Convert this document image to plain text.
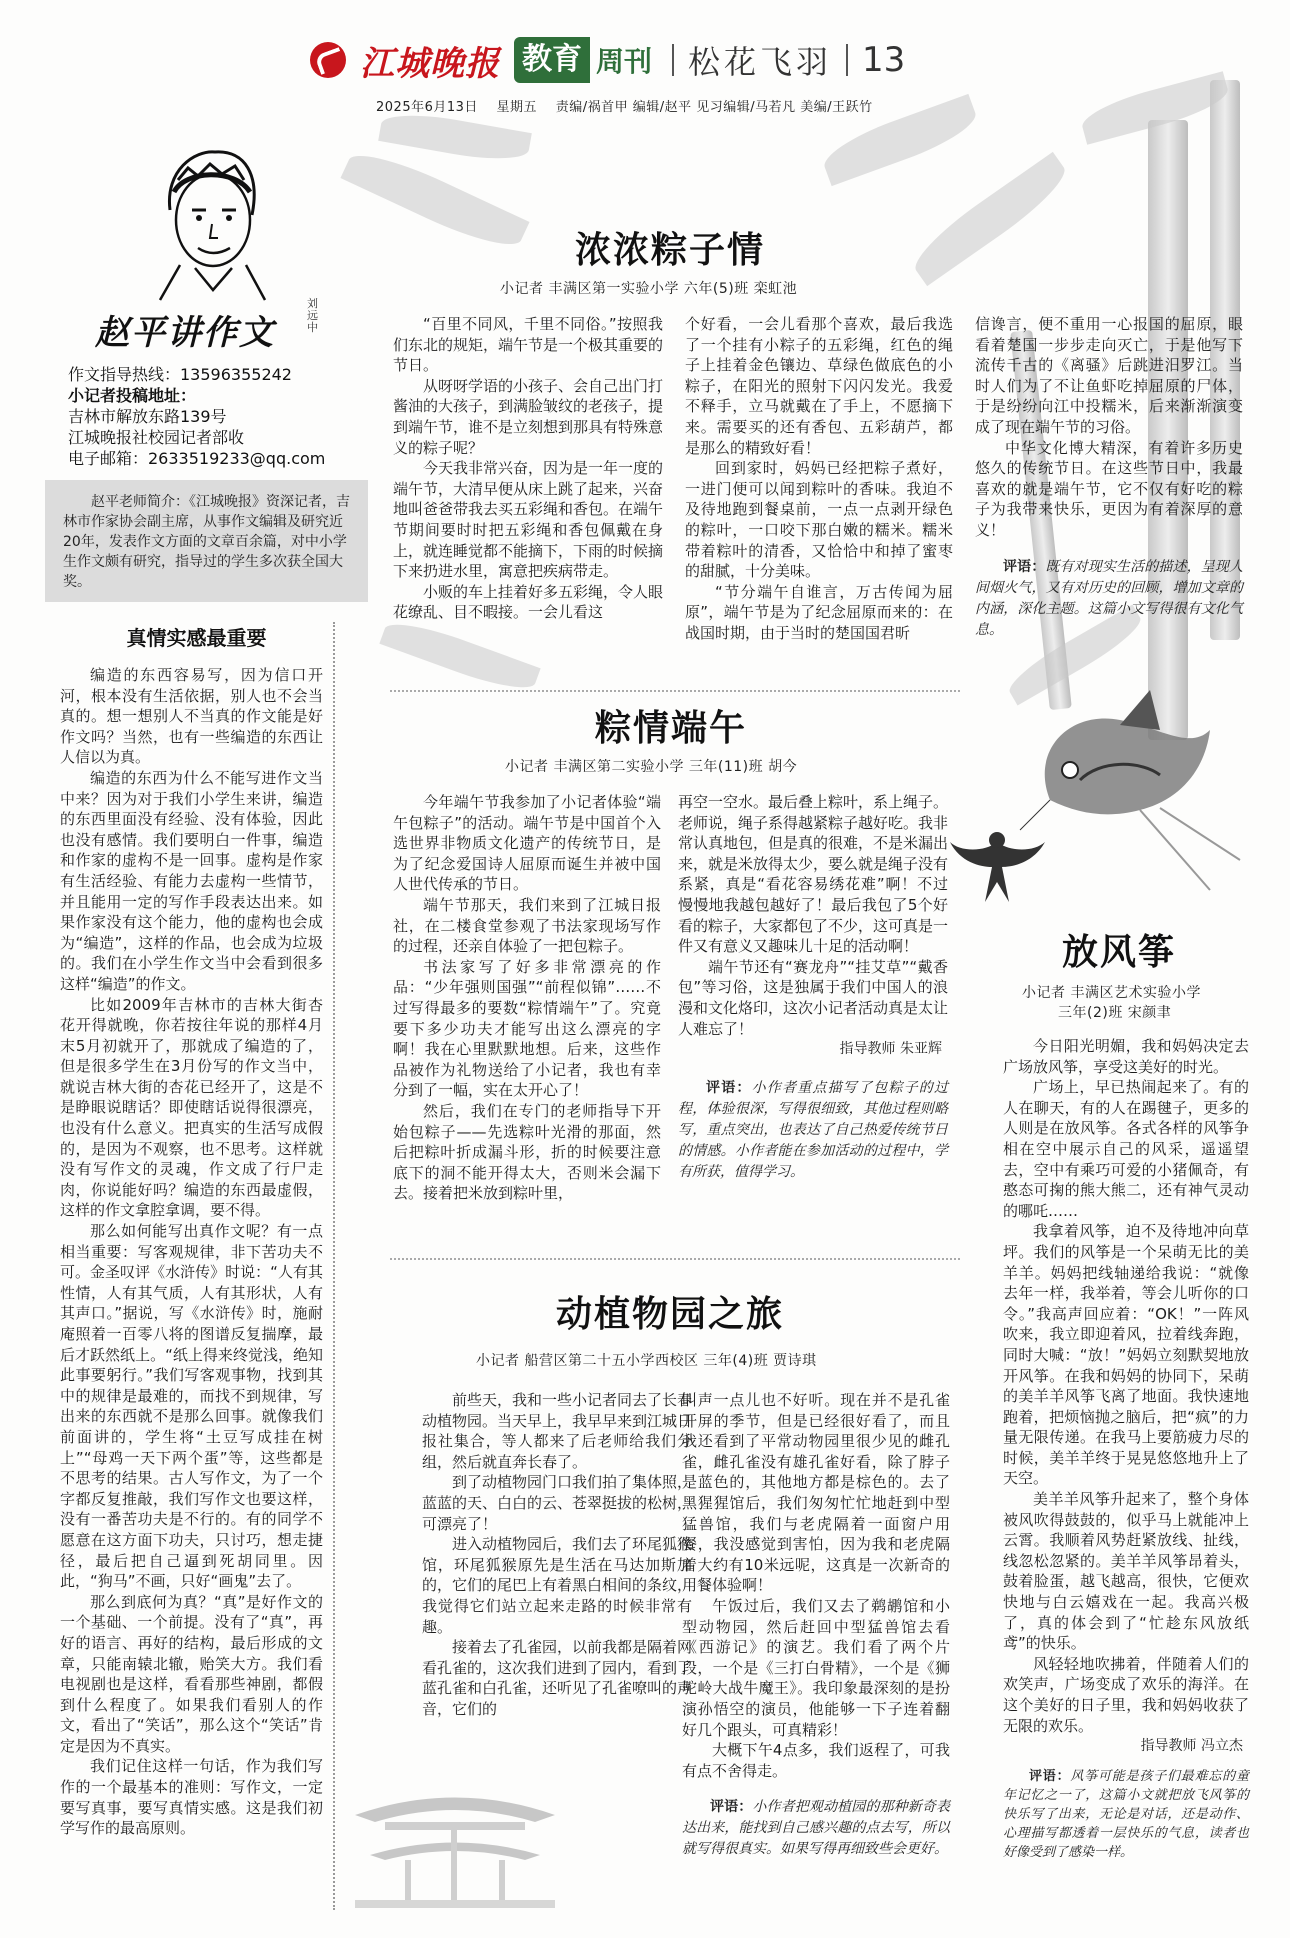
江城晚报 教育 周刊 松花飞羽 13
2025年6月13日 星期五 责编/祸首甲 编辑/赵平 见习编辑/马若凡 美编/王跃竹
赵平讲作文
刘远中
作文指导热线：13596355242
小记者投稿地址：
吉林市解放东路139号
江城晚报社校园记者部收
电子邮箱：2633519233@qq.com
赵平老师简介：《江城晚报》资深记者，吉林市作家协会副主席，从事作文编辑及研究近20年，发表作文方面的文章百余篇，对中小学生作文颇有研究，指导过的学生多次获全国大奖。
真情实感最重要

编造的东西容易写，因为信口开河，根本没有生活依据，别人也不会当真的。想一想别人不当真的作文能是好作文吗？当然，也有一些编造的东西让人信以为真。

编造的东西为什么不能写进作文当中来？因为对于我们小学生来讲，编造的东西里面没有经验、没有体验，因此也没有感情。我们要明白一件事，编造和作家的虚构不是一回事。虚构是作家有生活经验、有能力去虚构一些情节，并且能用一定的写作手段表达出来。如果作家没有这个能力，他的虚构也会成为“编造”，这样的作品，也会成为垃圾的。我们在小学生作文当中会看到很多这样“编造”的作文。

比如2009年吉林市的吉林大街杏花开得就晚，你若按往年说的那样4月末5月初就开了，那就成了编造的了，但是很多学生在3月份写的作文当中，就说吉林大街的杏花已经开了，这是不是睁眼说瞎话？即使瞎话说得很漂亮，也没有什么意义。把真实的生活写成假的，是因为不观察，也不思考。这样就没有写作文的灵魂，作文成了行尸走肉，你说能好吗？编造的东西最虚假，这样的作文拿腔拿调，要不得。

那么如何能写出真作文呢？有一点相当重要：写客观规律，非下苦功夫不可。金圣叹评《水浒传》时说：“人有其性情，人有其气质，人有其形状，人有其声口。”据说，写《水浒传》时，施耐庵照着一百零八将的图谱反复揣摩，最后才跃然纸上。“纸上得来终觉浅，绝知此事要躬行。”我们写客观事物，找到其中的规律是最难的，而找不到规律，写出来的东西就不是那么回事。就像我们前面讲的，学生将“土豆写成挂在树上”“母鸡一天下两个蛋”等，这些都是不思考的结果。古人写作文，为了一个字都反复推敲，我们写作文也要这样，没有一番苦功夫是不行的。有的同学不愿意在这方面下功夫，只讨巧，想走捷径，最后把自己逼到死胡同里。因此，“狗马”不画，只好“画鬼”去了。

那么到底何为真？“真”是好作文的一个基础、一个前提。没有了“真”，再好的语言、再好的结构，最后形成的文章，只能南辕北辙，贻笑大方。我们看电视剧也是这样，看看那些神剧，都假到什么程度了。如果我们看别人的作文，看出了“笑话”，那么这个“笑话”肯定是因为不真实。

我们记住这样一句话，作为我们写作的一个最基本的准则：写作文，一定要写真事，要写真情实感。这是我们初学写作的最高原则。

浓浓粽子情
小记者 丰满区第一实验小学 六年(5)班 栾虹池

“百里不同风，千里不同俗。”按照我们东北的规矩，端午节是一个极其重要的节日。

从呀呀学语的小孩子、会自己出门打酱油的大孩子，到满脸皱纹的老孩子，提到端午节，谁不是立刻想到那具有特殊意义的粽子呢？

今天我非常兴奋，因为是一年一度的端午节，大清早便从床上跳了起来，兴奋地叫爸爸带我去买五彩绳和香包。在端午节期间要时时把五彩绳和香包佩戴在身上，就连睡觉都不能摘下，下雨的时候摘下来扔进水里，寓意把疾病带走。

小贩的车上挂着好多五彩绳，令人眼花缭乱、目不暇接。一会儿看这

个好看，一会儿看那个喜欢，最后我选了一个挂有小粽子的五彩绳，红色的绳子上挂着金色镶边、草绿色做底色的小粽子，在阳光的照射下闪闪发光。我爱不释手，立马就戴在了手上，不愿摘下来。需要买的还有香包、五彩葫芦，都是那么的精致好看！

回到家时，妈妈已经把粽子煮好，一进门便可以闻到粽叶的香味。我迫不及待地跑到餐桌前，一点一点剥开绿色的粽叶，一口咬下那白嫩的糯米。糯米带着粽叶的清香，又恰恰中和掉了蜜枣的甜腻，十分美味。

“节分端午自谁言，万古传闻为屈原”，端午节是为了纪念屈原而来的：在战国时期，由于当时的楚国国君昕

信谗言，便不重用一心报国的屈原，眼看着楚国一步步走向灭亡，于是他写下流传千古的《离骚》后跳进汨罗江。当时人们为了不让鱼虾吃掉屈原的尸体，于是纷纷向江中投糯米，后来渐渐演变成了现在端午节的习俗。

中华文化博大精深，有着许多历史悠久的传统节日。在这些节日中，我最喜欢的就是端午节，它不仅有好吃的粽子为我带来快乐，更因为有着深厚的意义！

评语：既有对现实生活的描述，呈现人间烟火气，又有对历史的回顾，增加文章的内涵，深化主题。这篇小文写得很有文化气息。
粽情端午
小记者 丰满区第二实验小学 三年(11)班 胡今

今年端午节我参加了小记者体验“端午包粽子”的活动。端午节是中国首个入选世界非物质文化遗产的传统节日，是为了纪念爱国诗人屈原而诞生并被中国人世代传承的节日。

端午节那天，我们来到了江城日报社，在二楼食堂参观了书法家现场写作的过程，还亲自体验了一把包粽子。

书法家写了好多非常漂亮的作品：“少年强则国强”“前程似锦”……不过写得最多的要数“粽情端午”了。究竟要下多少功夫才能写出这么漂亮的字啊！我在心里默默地想。后来，这些作品被作为礼物送给了小记者，我也有幸分到了一幅，实在太开心了！

然后，我们在专门的老师指导下开始包粽子——先选粽叶光滑的那面，然后把粽叶折成漏斗形，折的时候要注意底下的洞不能开得太大，否则米会漏下去。接着把米放到粽叶里，

再空一空水。最后叠上粽叶，系上绳子。老师说，绳子系得越紧粽子越好吃。我非常认真地包，但是真的很难，不是米漏出来，就是米放得太少，要么就是绳子没有系紧，真是“看花容易绣花难”啊！不过慢慢地我越包越好了！最后我包了5个好看的粽子，大家都包了不少，这可真是一件又有意义又趣味儿十足的活动啊！

端午节还有“赛龙舟”“挂艾草”“戴香包”等习俗，这是独属于我们中国人的浪漫和文化烙印，这次小记者活动真是太让人难忘了！

指导教师 朱亚辉
评语：小作者重点描写了包粽子的过程，体验很深，写得很细致，其他过程则略写，重点突出，也表达了自己热爱传统节日的情感。小作者能在参加活动的过程中，学有所获，值得学习。
动植物园之旅
小记者 船营区第二十五小学西校区 三年(4)班 贾诗琪

前些天，我和一些小记者同去了长春动植物园。当天早上，我早早来到江城日报社集合，等人都来了后老师给我们分组，然后就直奔长春了。

到了动植物园门口我们拍了集体照，蓝蓝的天、白白的云、苍翠挺拔的松树，可漂亮了！

进入动植物园后，我们去了环尾狐猴馆，环尾狐猴原先是生活在马达加斯加的，它们的尾巴上有着黑白相间的条纹，我觉得它们站立起来走路的时候非常有趣。

接着去了孔雀园，以前我都是隔着网看孔雀的，这次我们进到了园内，看到了蓝孔雀和白孔雀，还听见了孔雀嘹叫的声音，它们的

叫声一点儿也不好听。现在并不是孔雀开屏的季节，但是已经很好看了，而且我还看到了平常动物园里很少见的雌孔雀，雌孔雀没有雄孔雀好看，除了脖子是蓝色的，其他地方都是棕色的。去了黑猩猩馆后，我们匆匆忙忙地赶到中型猛兽馆，我们与老虎隔着一面窗户用餐，我没感觉到害怕，因为我和老虎隔着大约有10米远呢，这真是一次新奇的用餐体验啊！

午饭过后，我们又去了鹈鹕馆和小型动物园，然后赶回中型猛兽馆去看《西游记》的演艺。我们看了两个片段，一个是《三打白骨精》，一个是《狮驼岭大战牛魔王》。我印象最深刻的是扮演孙悟空的演员，他能够一下子连着翻好几个跟头，可真精彩！

大概下午4点多，我们返程了，可我有点不舍得走。

评语：小作者把观动植园的那种新奇表达出来，能找到自己感兴趣的点去写，所以就写得很真实。如果写得再细致些会更好。
放风筝
小记者 丰满区艺术实验小学
三年(2)班 宋颜聿

今日阳光明媚，我和妈妈决定去广场放风筝，享受这美好的时光。

广场上，早已热闹起来了。有的人在聊天，有的人在踢毽子，更多的人则是在放风筝。各式各样的风筝争相在空中展示自己的风采，遥遥望去，空中有乘巧可爱的小猪佩奇，有憨态可掬的熊大熊二，还有神气灵动的哪吒……

我拿着风筝，迫不及待地冲向草坪。我们的风筝是一个呆萌无比的美羊羊。妈妈把线轴递给我说：“就像去年一样，我举着，等会儿听你的口令。”我高声回应着：“OK！”一阵风吹来，我立即迎着风，拉着线奔跑，同时大喊：“放！”妈妈立刻默契地放开风筝。在我和妈妈的协同下，呆萌的美羊羊风筝飞离了地面。我快速地跑着，把烦恼抛之脑后，把“疯”的力量无限传递。在我马上要筋疲力尽的时候，美羊羊终于晃晃悠悠地升上了天空。

美羊羊风筝升起来了，整个身体被风吹得鼓鼓的，似乎马上就能冲上云霄。我顺着风势赶紧放线、扯线，线忽松忽紧的。美羊羊风筝昂着头，鼓着脸蛋，越飞越高，很快，它便欢快地与白云嬉戏在一起。我高兴极了，真的体会到了“忙趁东风放纸鸢”的快乐。

风轻轻地吹拂着，伴随着人们的欢笑声，广场变成了欢乐的海洋。在这个美好的日子里，我和妈妈收获了无限的欢乐。

指导教师 冯立杰
评语：风筝可能是孩子们最难忘的童年记忆之一了，这篇小文就把放飞风筝的快乐写了出来，无论是对话，还是动作、心理描写都透着一层快乐的气息，读者也好像受到了感染一样。
